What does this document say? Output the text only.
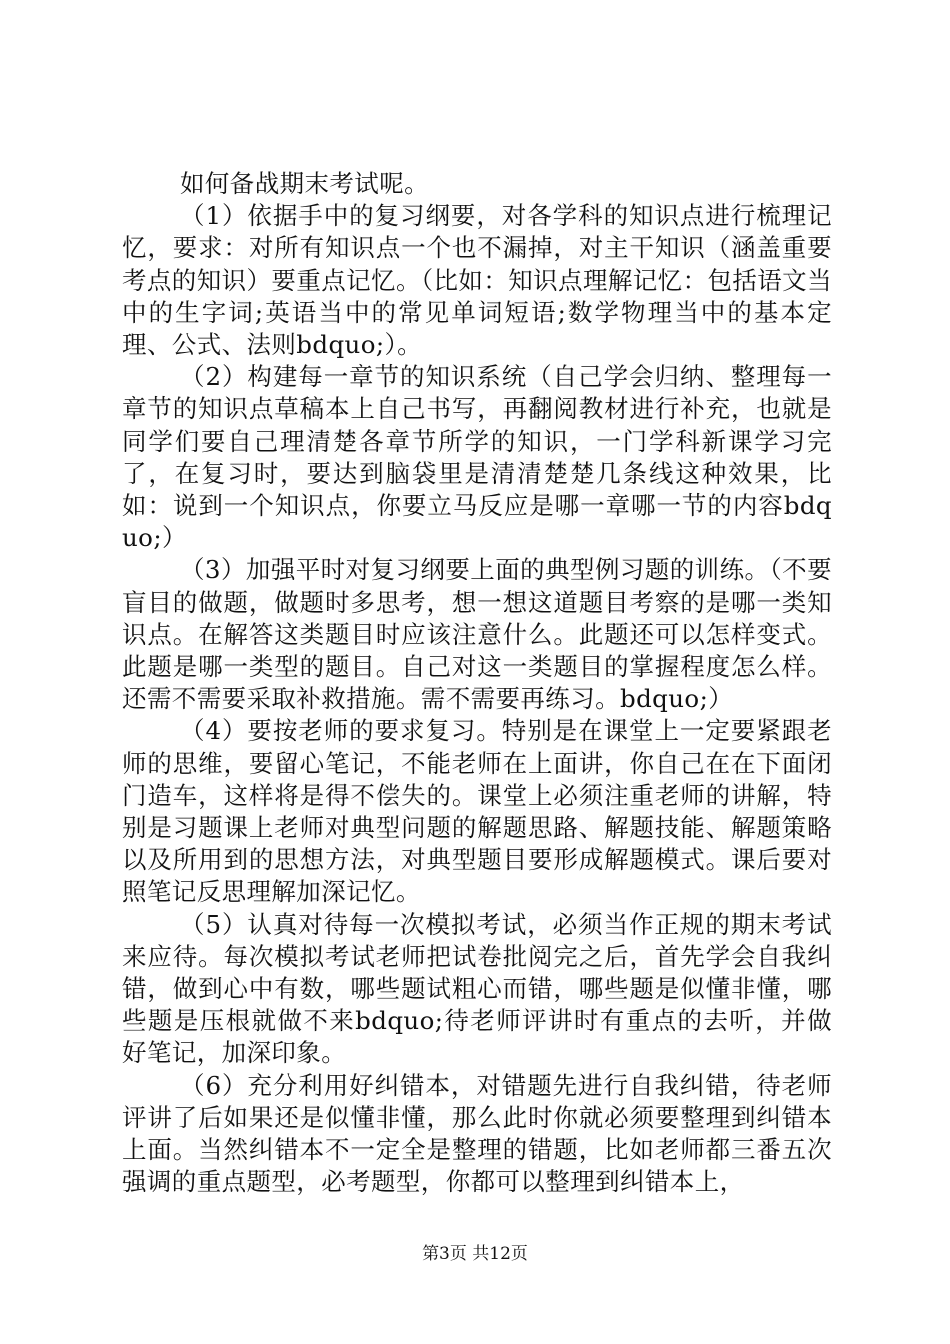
如何备战期末考试呢。

（1）依据手中的复习纲要，对各学科的知识点进行梳理记忆，要求：对所有知识点一个也不漏掉，对主干知识（涵盖重要考点的知识）要重点记忆。（比如：知识点理解记忆：包括语文当中的生字词;英语当中的常见单词短语;数学物理当中的基本定理、公式、法则bdquo;）。

（2）构建每一章节的知识系统（自己学会归纳、整理每一章节的知识点草稿本上自己书写，再翻阅教材进行补充，也就是同学们要自己理清楚各章节所学的知识，一门学科新课学习完了，在复习时，要达到脑袋里是清清楚楚几条线这种效果，比如：说到一个知识点，你要立马反应是哪一章哪一节的内容bdquo;）

（3）加强平时对复习纲要上面的典型例习题的训练。（不要盲目的做题，做题时多思考，想一想这道题目考察的是哪一类知识点。在解答这类题目时应该注意什么。此题还可以怎样变式。此题是哪一类型的题目。自己对这一类题目的掌握程度怎么样。还需不需要采取补救措施。需不需要再练习。bdquo;）

（4）要按老师的要求复习。特别是在课堂上一定要紧跟老师的思维，要留心笔记，不能老师在上面讲，你自己在在下面闭门造车，这样将是得不偿失的。课堂上必须注重老师的讲解，特别是习题课上老师对典型问题的解题思路、解题技能、解题策略以及所用到的思想方法，对典型题目要形成解题模式。课后要对照笔记反思理解加深记忆。

（5）认真对待每一次模拟考试，必须当作正规的期末考试来应待。每次模拟考试老师把试卷批阅完之后，首先学会自我纠错，做到心中有数，哪些题试粗心而错，哪些题是似懂非懂，哪些题是压根就做不来bdquo;待老师评讲时有重点的去听，并做好笔记，加深印象。

（6）充分利用好纠错本，对错题先进行自我纠错，待老师评讲了后如果还是似懂非懂，那么此时你就必须要整理到纠错本上面。当然纠错本不一定全是整理的错题，比如老师都三番五次强调的重点题型，必考题型，你都可以整理到纠错本上，

第3页 共12页
